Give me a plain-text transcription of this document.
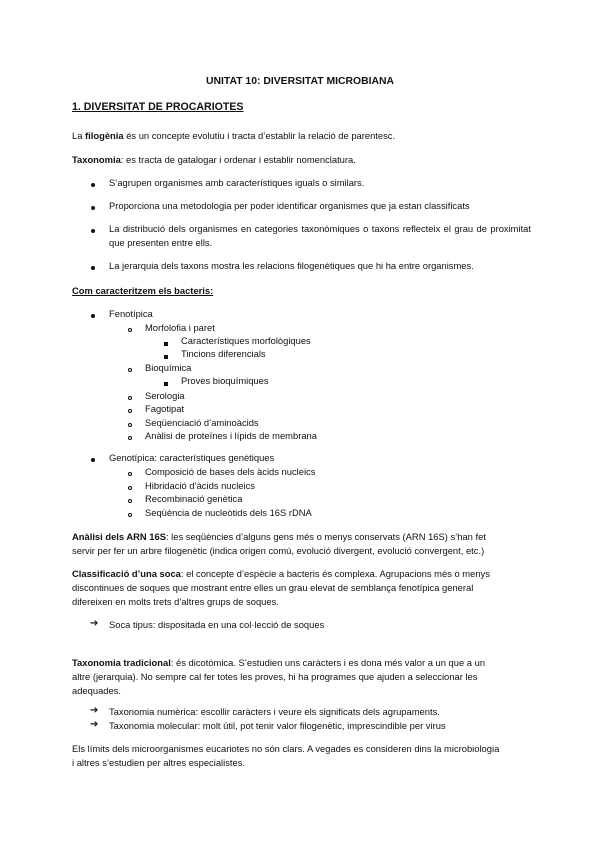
UNITAT 10: DIVERSITAT MICROBIANA
1. DIVERSITAT DE PROCARIOTES
La filogènia és un concepte evolutiu i tracta d’establir la relació de parentesc.
Taxonomia: es tracta de gatalogar i ordenar i establir nomenclatura.
S’agrupen organismes amb característiques iguals o similars.
Proporciona una metodologia per poder identificar organismes que ja estan classificats
La distribució dels organismes en categories taxonòmiques o taxons reflecteix el grau de proximitat que presenten entre ells.
La jerarquia dels taxons mostra les relacions filogenètiques que hi ha entre organismes.
Com caracteritzem els bacteris:
Fenotípica
Morfolofia i paret
Característiques morfològiques
Tincions diferencials
Bioquímica
Proves bioquímiques
Serologia
Fagotipat
Seqüenciació d’aminoàcids
Anàlisi de proteïnes i lípids de membrana
Genotípica: característiques genètiques
Composició de bases dels àcids nucleics
Hibridació d’àcids nucleics
Recombinació genètica
Seqüència de nucleòtids dels 16S rDNA
Anàlisi dels ARN 16S: les seqüències d’alguns gens més o menys conservats (ARN 16S) s’han fet
servir per fer un arbre filogenètic (indica origen comú, evolució divergent, evolució convergent, etc.)
Classificació d’una soca: el concepte d’espècie a bacteris és complexa. Agrupacions més o menys
discontinues de soques que mostrant entre elles un grau elevat de semblança fenotípica general
difereixen en molts trets d’altres grups de soques.
➔ Soca tipus: dispositada en una col·lecció de soques
Taxonomia tradicional: és dicotòmica. S’estudien uns caràcters i es dona més valor a un que a un
altre (jerarquia). No sempre cal fer totes les proves, hi ha programes que ajuden a seleccionar les
adequades.
➔ Taxonomia numèrica: escollir caràcters i veure els significats dels agrupaments.
➔ Taxonomia molecular: molt útil, pot tenir valor filogenètic, imprescindible per virus
Els límits dels microorganismes eucariotes no són clars. A vegades es consideren dins la microbiologia
i altres s’estudien per altres especialistes.
